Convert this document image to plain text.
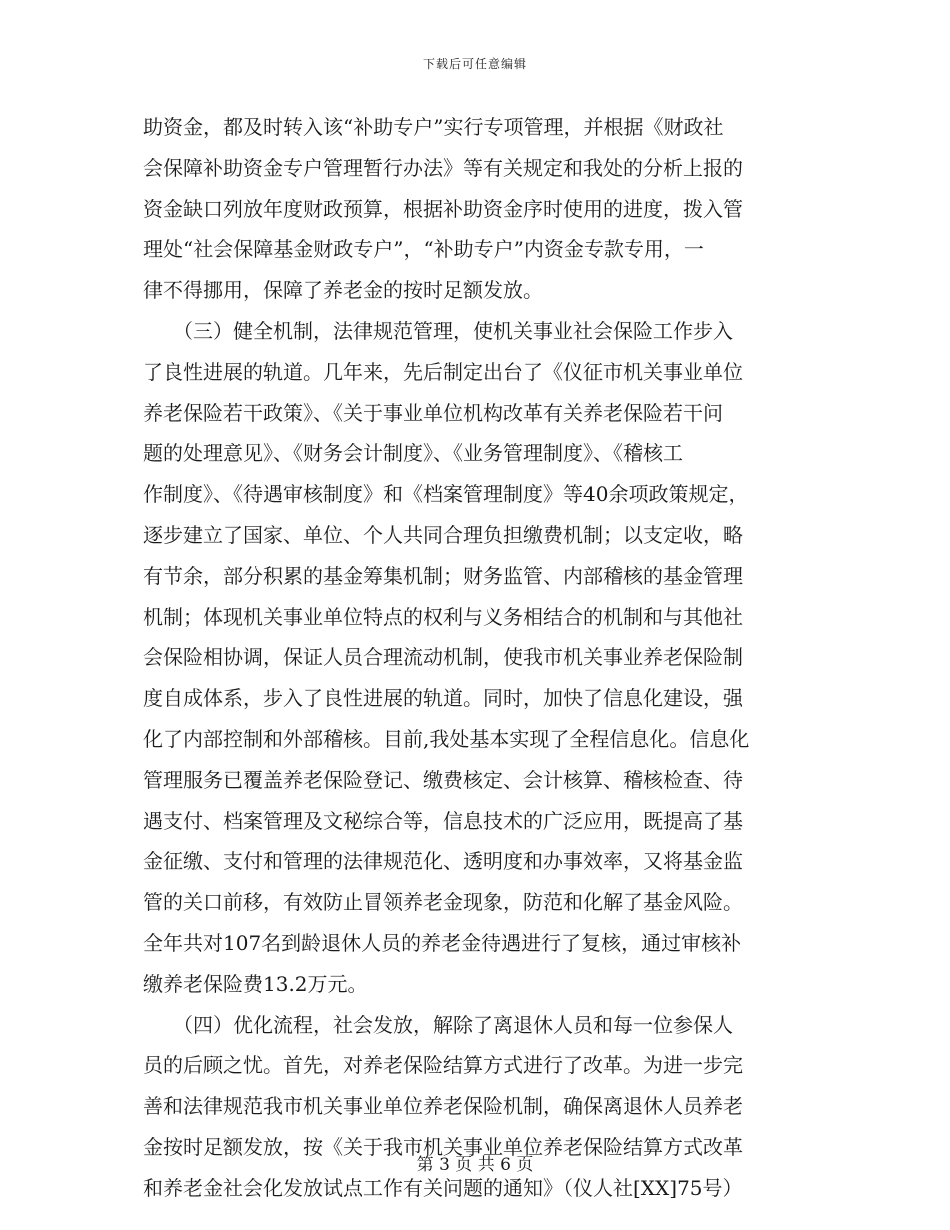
下载后可任意编辑
助资金，都及时转入该“补助专户”实行专项管理，并根据《财政社
会保障补助资金专户管理暂行办法》等有关规定和我处的分析上报的
资金缺口列放年度财政预算，根据补助资金序时使用的进度，拨入管
理处“社会保障基金财政专户”，“补助专户”内资金专款专用，一
律不得挪用，保障了养老金的按时足额发放。
　　（三）健全机制，法律规范管理，使机关事业社会保险工作步入
了良性进展的轨道。几年来，先后制定出台了《仪征市机关事业单位
养老保险若干政策》、《关于事业单位机构改革有关养老保险若干问
题的处理意见》、《财务会计制度》、《业务管理制度》、《稽核工
作制度》、《待遇审核制度》和《档案管理制度》等40余项政策规定，
逐步建立了国家、单位、个人共同合理负担缴费机制；以支定收，略
有节余，部分积累的基金筹集机制；财务监管、内部稽核的基金管理
机制；体现机关事业单位特点的权利与义务相结合的机制和与其他社
会保险相协调，保证人员合理流动机制，使我市机关事业养老保险制
度自成体系，步入了良性进展的轨道。同时，加快了信息化建设，强
化了内部控制和外部稽核。目前,我处基本实现了全程信息化。信息化
管理服务已覆盖养老保险登记、缴费核定、会计核算、稽核检查、待
遇支付、档案管理及文秘综合等，信息技术的广泛应用，既提高了基
金征缴、支付和管理的法律规范化、透明度和办事效率，又将基金监
管的关口前移，有效防止冒领养老金现象，防范和化解了基金风险。
全年共对107名到龄退休人员的养老金待遇进行了复核，通过审核补
缴养老保险费13.2万元。
　　（四）优化流程，社会发放，解除了离退休人员和每一位参保人
员的后顾之忧。首先，对养老保险结算方式进行了改革。为进一步完
善和法律规范我市机关事业单位养老保险机制，确保离退休人员养老
金按时足额发放，按《关于我市机关事业单位养老保险结算方式改革
和养老金社会化发放试点工作有关问题的通知》（仪人社[XX]75号）
第 3 页 共 6 页
